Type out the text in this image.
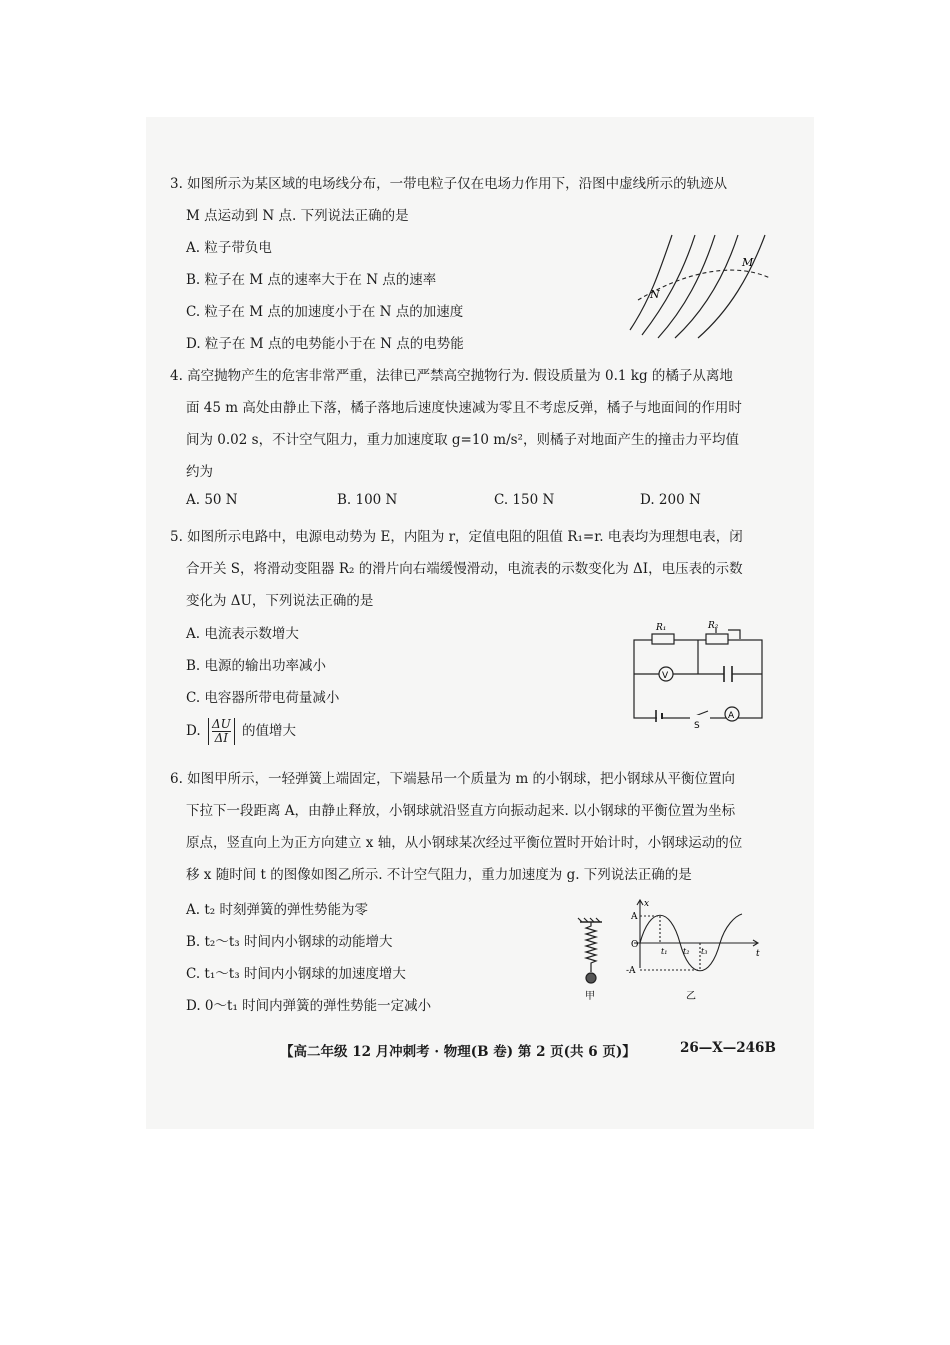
3. 如图所示为某区域的电场线分布，一带电粒子仅在电场力作用下，沿图中虚线所示的轨迹从
M 点运动到 N 点. 下列说法正确的是
A. 粒子带负电
B. 粒子在 M 点的速率大于在 N 点的速率
C. 粒子在 M 点的加速度小于在 N 点的加速度
D. 粒子在 M 点的电势能小于在 N 点的电势能
M
N
4. 高空抛物产生的危害非常严重，法律已严禁高空抛物行为. 假设质量为 0.1 kg 的橘子从离地
面 45 m 高处由静止下落，橘子落地后速度快速减为零且不考虑反弹，橘子与地面间的作用时
间为 0.02 s，不计空气阻力，重力加速度取 g=10 m/s²，则橘子对地面产生的撞击力平均值
约为
A. 50 N	B. 100 N	C. 150 N	D. 200 N
5. 如图所示电路中，电源电动势为 E，内阻为 r，定值电阻的阻值 R₁=r. 电表均为理想电表，闭
合开关 S，将滑动变阻器 R₂ 的滑片向右端缓慢滑动，电流表的示数变化为 ΔI，电压表的示数
变化为 ΔU，下列说法正确的是
A. 电流表示数增大
B. 电源的输出功率减小
C. 电容器所带电荷量减小
D. $\frac{\Delta U}{\Delta I}$ 的值增大
R₁	R₂
V
A
S
6. 如图甲所示，一轻弹簧上端固定，下端悬吊一个质量为 m 的小钢球，把小钢球从平衡位置向
下拉下一段距离 A，由静止释放，小钢球就沿竖直方向振动起来. 以小钢球的平衡位置为坐标
原点，竖直向上为正方向建立 x 轴，从小钢球某次经过平衡位置时开始计时，小钢球运动的位
移 x 随时间 t 的图像如图乙所示. 不计空气阻力，重力加速度为 g. 下列说法正确的是
A. t₂ 时刻弹簧的弹性势能为零
B. t₂～t₃ 时间内小钢球的动能增大
C. t₁～t₃ 时间内小钢球的加速度增大
D. 0～t₁ 时间内弹簧的弹性势能一定减小
甲
x
t
A
-A
O
t₁ t₂ t₃
乙
【高二年级 12 月冲刺考 · 物理(B 卷) 第 2 页(共 6 页)】	26—X—246B
